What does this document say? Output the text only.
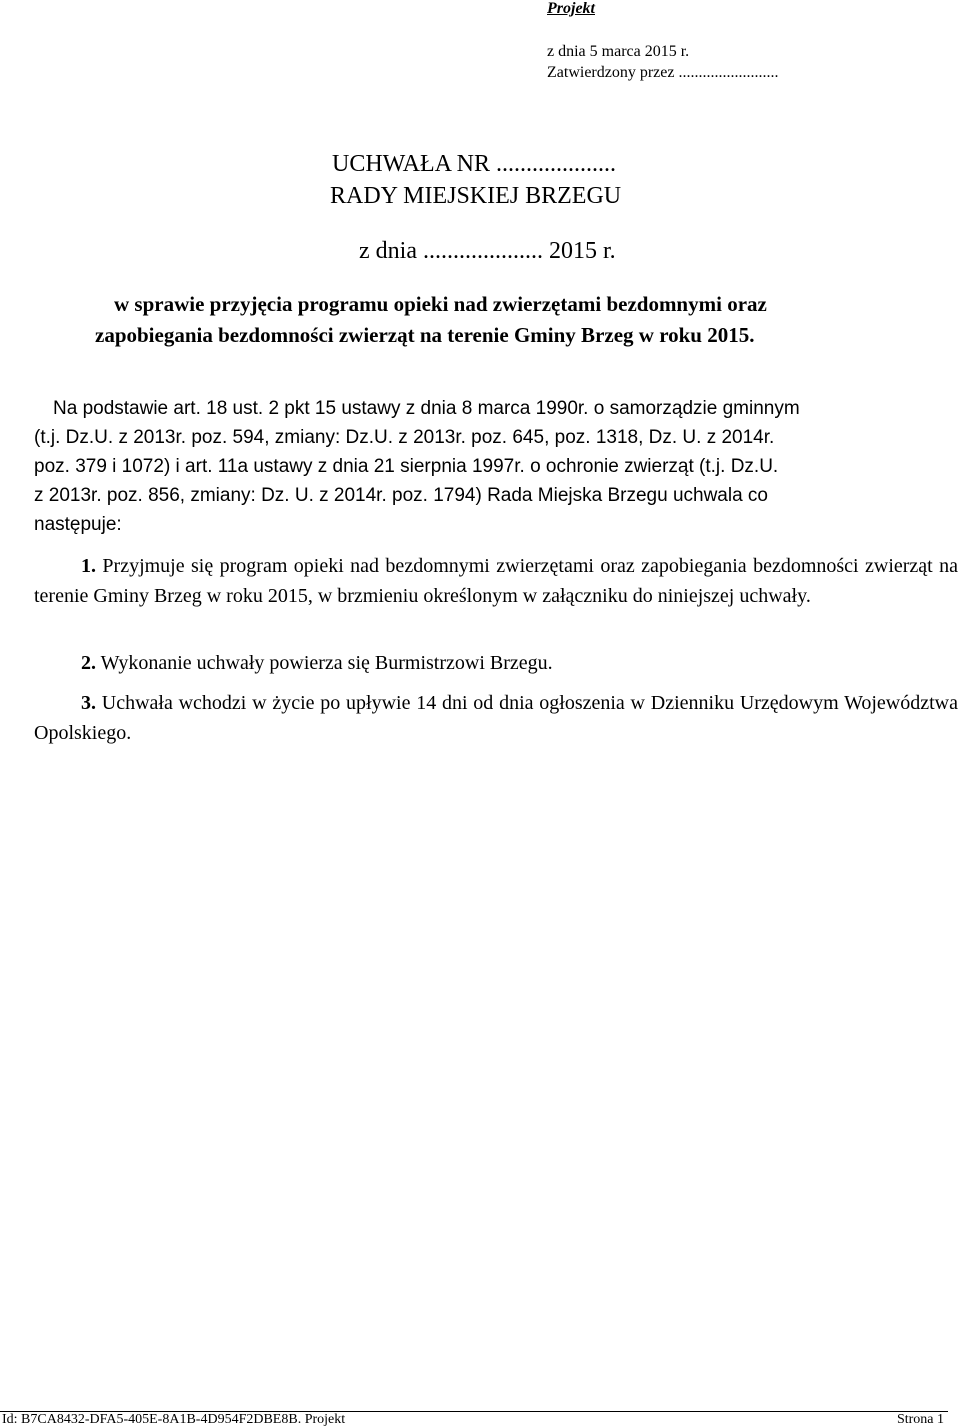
Projekt
z dnia 5 marca 2015 r.
Zatwierdzony przez .........................
UCHWAŁA NR ....................
RADY MIEJSKIEJ BRZEGU
z dnia .................... 2015 r.
w sprawie przyjęcia programu opieki nad zwierzętami bezdomnymi oraz
zapobiegania bezdomności zwierząt na terenie Gminy Brzeg w roku 2015.
Na podstawie art. 18 ust. 2 pkt 15 ustawy z dnia 8 marca 1990r. o samorządzie gminnym
(t.j. Dz.U. z 2013r. poz. 594, zmiany: Dz.U. z 2013r. poz. 645, poz. 1318, Dz. U. z 2014r.
poz. 379 i 1072) i art. 11a ustawy z dnia 21 sierpnia 1997r. o ochronie zwierząt (t.j. Dz.U.
z 2013r. poz. 856, zmiany: Dz. U. z 2014r. poz. 1794) Rada Miejska Brzegu uchwala co
następuje:
1. Przyjmuje się program opieki nad bezdomnymi zwierzętami oraz zapobiegania bezdomności zwierząt na terenie Gminy Brzeg w roku 2015, w brzmieniu określonym w załączniku do niniejszej uchwały.
2. Wykonanie uchwały powierza się Burmistrzowi Brzegu.
3. Uchwała wchodzi w życie po upływie 14 dni od dnia ogłoszenia w Dzienniku Urzędowym Województwa Opolskiego.
Id: B7CA8432-DFA5-405E-8A1B-4D954F2DBE8B. Projekt	Strona 1
